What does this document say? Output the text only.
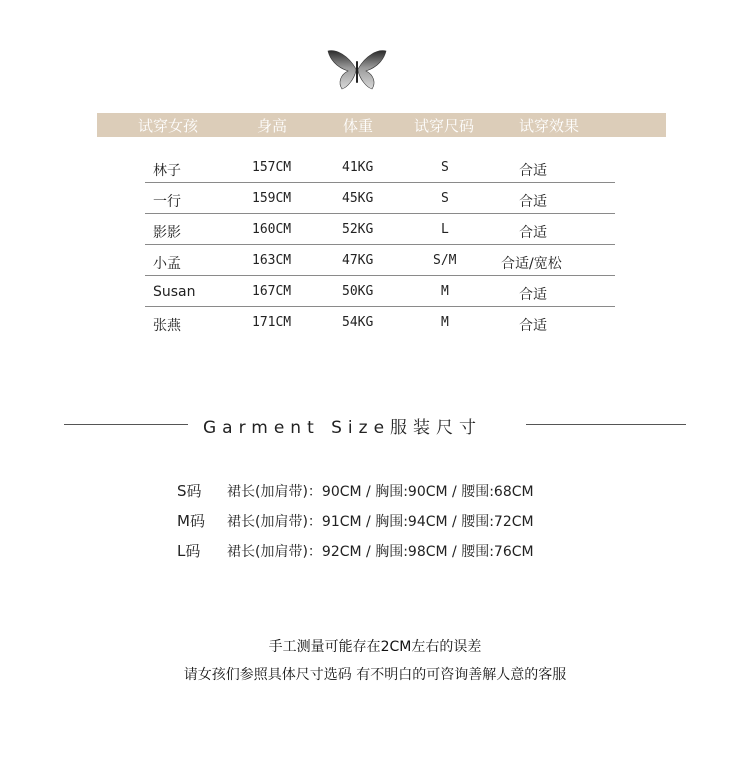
试穿女孩	身高	体重	试穿尺码	试穿效果
林子	157CM	41KG	S	合适
一行	159CM	45KG	S	合适
影影	160CM	52KG	L	合适
小孟	163CM	47KG	S/M	合适/宽松
Susan	167CM	50KG	M	合适
张燕	171CM	54KG	M	合适
Garment Size服装尺寸
S码 裙长(加肩带)：90CM / 胸围:90CM / 腰围:68CM
M码 裙长(加肩带)：91CM / 胸围:94CM / 腰围:72CM
L码 裙长(加肩带)：92CM / 胸围:98CM / 腰围:76CM
手工测量可能存在2CM左右的误差
请女孩们参照具体尺寸选码 有不明白的可咨询善解人意的客服
